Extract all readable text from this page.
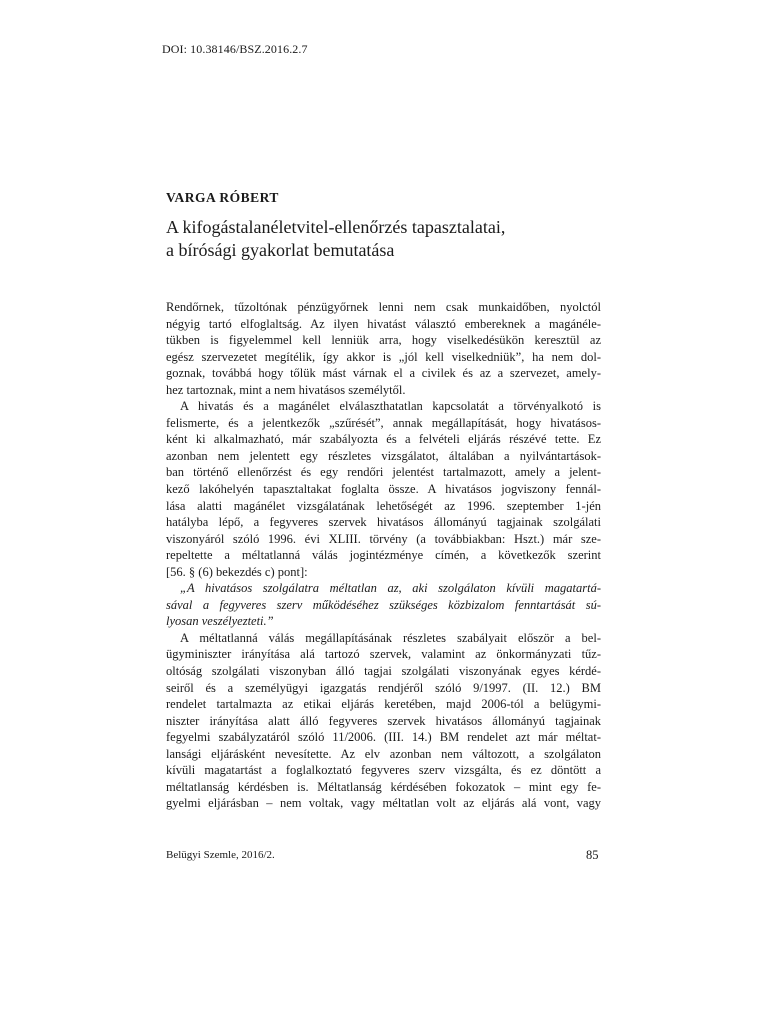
DOI: 10.38146/BSZ.2016.2.7
VARGA RÓBERT
A kifogástalanéletvitel-ellenőrzés tapasztalatai,
a bírósági gyakorlat bemutatása
Rendőrnek, tűzoltónak pénzügyőrnek lenni nem csak munkaidőben, nyolctól
négyig tartó elfoglaltság. Az ilyen hivatást választó embereknek a magánéle-
tükben is figyelemmel kell lenniük arra, hogy viselkedésükön keresztül az
egész szervezetet megítélik, így akkor is „jól kell viselkedniük”, ha nem dol-
goznak, továbbá hogy tőlük mást várnak el a civilek és az a szervezet, amely-
hez tartoznak, mint a nem hivatásos személytől.
A hivatás és a magánélet elválaszthatatlan kapcsolatát a törvényalkotó is
felismerte, és a jelentkezők „szűrését”, annak megállapítását, hogy hivatásos-
ként ki alkalmazható, már szabályozta és a felvételi eljárás részévé tette. Ez
azonban nem jelentett egy részletes vizsgálatot, általában a nyilvántartások-
ban történő ellenőrzést és egy rendőri jelentést tartalmazott, amely a jelent-
kező lakóhelyén tapasztaltakat foglalta össze. A hivatásos jogviszony fennál-
lása alatti magánélet vizsgálatának lehetőségét az 1996. szeptember 1-jén
hatályba lépő, a fegyveres szervek hivatásos állományú tagjainak szolgálati
viszonyáról szóló 1996. évi XLIII. törvény (a továbbiakban: Hszt.) már sze-
repeltette a méltatlanná válás jogintézménye címén, a következők szerint
[56. § (6) bekezdés c) pont]:
„A hivatásos szolgálatra méltatlan az, aki szolgálaton kívüli magatartá-
sával a fegyveres szerv működéséhez szükséges közbizalom fenntartását sú-
lyosan veszélyezteti.”
A méltatlanná válás megállapításának részletes szabályait először a bel-
ügyminiszter irányítása alá tartozó szervek, valamint az önkormányzati tűz-
oltóság szolgálati viszonyban álló tagjai szolgálati viszonyának egyes kérdé-
seiről és a személyügyi igazgatás rendjéről szóló 9/1997. (II. 12.) BM
rendelet tartalmazta az etikai eljárás keretében, majd 2006-tól a belügymi-
niszter irányítása alatt álló fegyveres szervek hivatásos állományú tagjainak
fegyelmi szabályzatáról szóló 11/2006. (III. 14.) BM rendelet azt már méltat-
lansági eljárásként nevesítette. Az elv azonban nem változott, a szolgálaton
kívüli magatartást a foglalkoztató fegyveres szerv vizsgálta, és ez döntött a
méltatlanság kérdésben is. Méltatlanság kérdésében fokozatok – mint egy fe-
gyelmi eljárásban – nem voltak, vagy méltatlan volt az eljárás alá vont, vagy
Belügyi Szemle, 2016/2.	85
